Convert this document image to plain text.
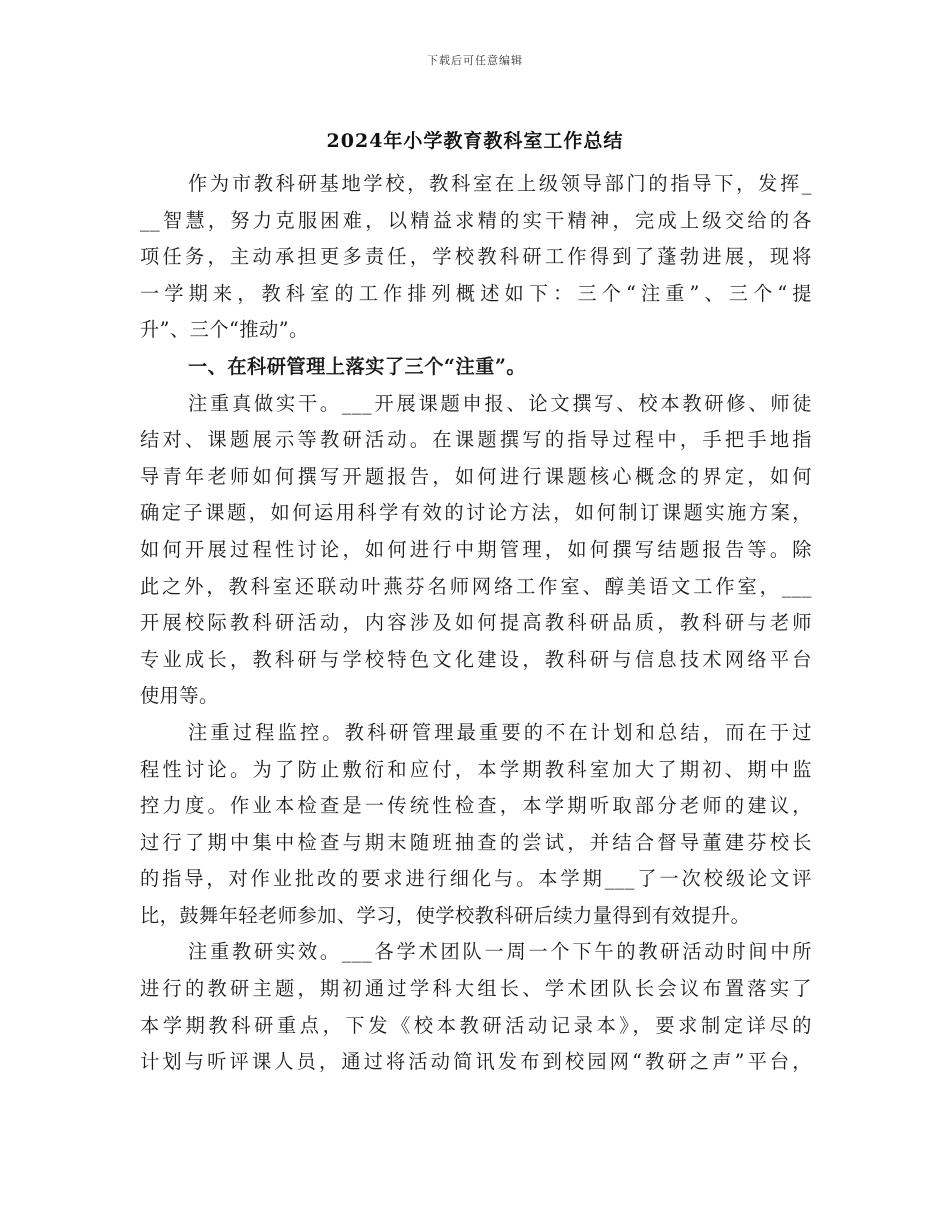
下载后可任意编辑
2024年小学教育教科室工作总结
作为市教科研基地学校，教科室在上级领导部门的指导下，发挥_
__智慧，努力克服困难，以精益求精的实干精神，完成上级交给的各
项任务，主动承担更多责任，学校教科研工作得到了蓬勃进展，现将
一学期来，教科室的工作排列概述如下：三个“注重”、三个“提
升”、三个“推动”。
一、在科研管理上落实了三个“注重”。
注重真做实干。___开展课题申报、论文撰写、校本教研修、师徒
结对、课题展示等教研活动。在课题撰写的指导过程中，手把手地指
导青年老师如何撰写开题报告，如何进行课题核心概念的界定，如何
确定子课题，如何运用科学有效的讨论方法，如何制订课题实施方案，
如何开展过程性讨论，如何进行中期管理，如何撰写结题报告等。除
此之外，教科室还联动叶燕芬名师网络工作室、醇美语文工作室，___
开展校际教科研活动，内容涉及如何提高教科研品质，教科研与老师
专业成长，教科研与学校特色文化建设，教科研与信息技术网络平台
使用等。
注重过程监控。教科研管理最重要的不在计划和总结，而在于过
程性讨论。为了防止敷衍和应付，本学期教科室加大了期初、期中监
控力度。作业本检查是一传统性检查，本学期听取部分老师的建议，
过行了期中集中检查与期末随班抽查的尝试，并结合督导董建芬校长
的指导，对作业批改的要求进行细化与。本学期___了一次校级论文评
比，鼓舞年轻老师参加、学习，使学校教科研后续力量得到有效提升。
注重教研实效。___各学术团队一周一个下午的教研活动时间中所
进行的教研主题，期初通过学科大组长、学术团队长会议布置落实了
本学期教科研重点，下发《校本教研活动记录本》，要求制定详尽的
计划与听评课人员，通过将活动简讯发布到校园网“教研之声”平台，
